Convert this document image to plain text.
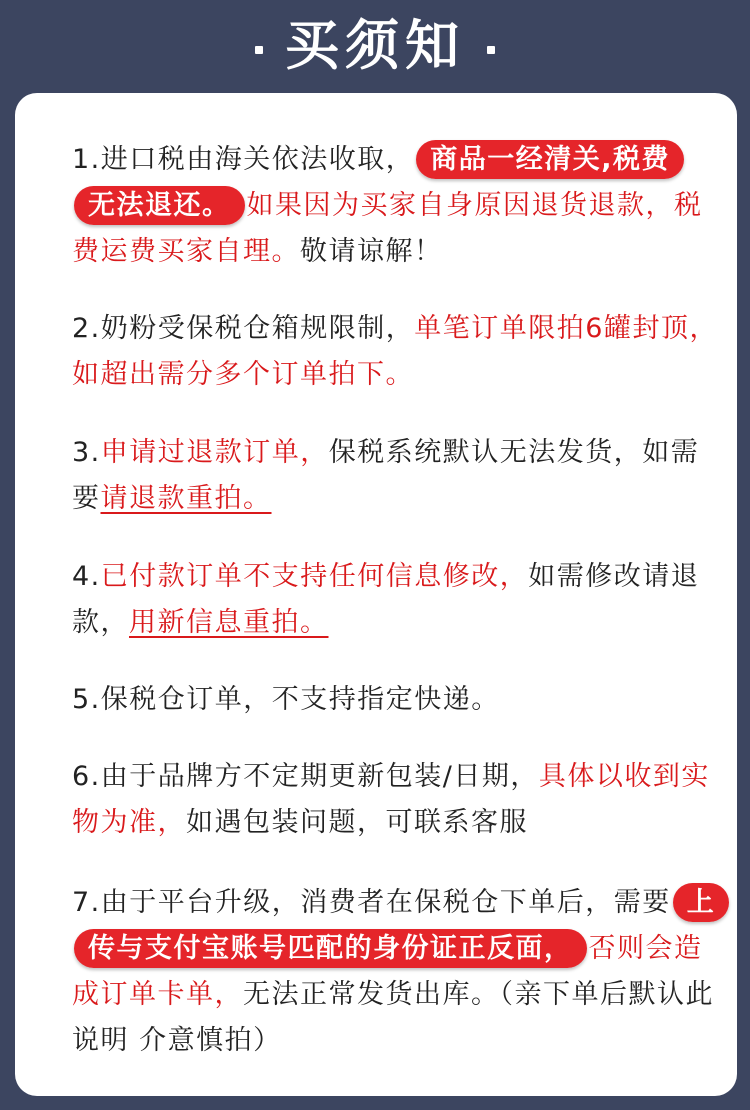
买须知
1.进口税由海关依法收取， 商品一经清关,税费无法退还。 如果因为买家自身原因退货退款，税费运费买家自理。敬请谅解！
2.奶粉受保税仓箱规限制，单笔订单限拍6罐封顶，如超出需分多个订单拍下。
3.申请过退款订单，保税系统默认无法发货，如需要请退款重拍。
4.已付款订单不支持任何信息修改，如需修改请退款，用新信息重拍。
5.保税仓订单，不支持指定快递。
6.由于品牌方不定期更新包装/日期，具体以收到实物为准，如遇包装问题，可联系客服
7.由于平台升级，消费者在保税仓下单后，需要 上传与支付宝账号匹配的身份证正反面， 否则会造成订单卡单，无法正常发货出库。（亲下单后默认此说明 介意慎拍）
